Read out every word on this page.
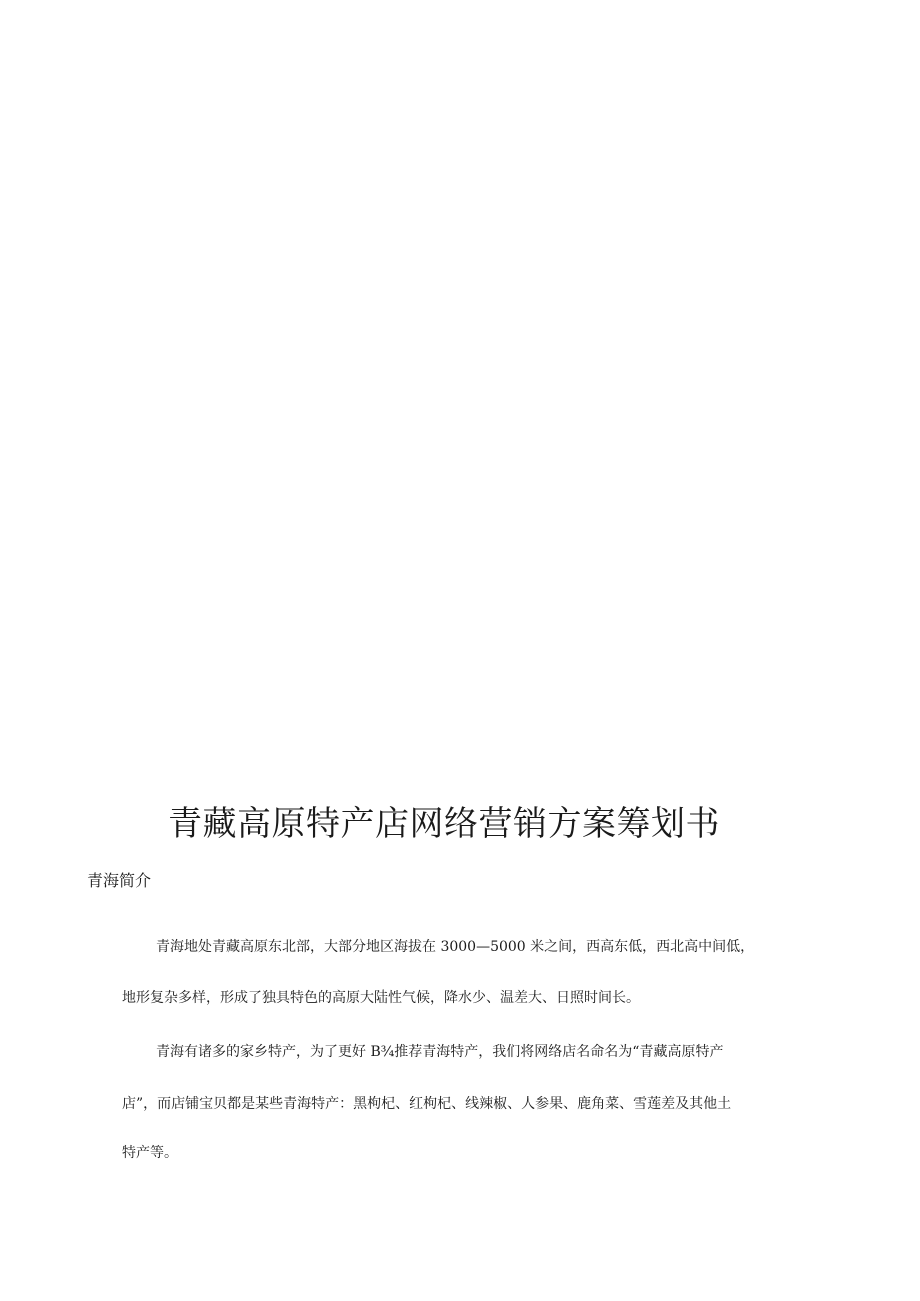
青藏高原特产店网络营销方案筹划书
青海简介

青海地处青藏高原东北部，大部分地区海拔在 3000—5000 米之间，西高东低，西北高中间低，

地形复杂多样，形成了独具特色的高原大陆性气候，降水少、温差大、日照时间长。

青海有诸多的家乡特产，为了更好 B¾推荐青海特产，我们将网络店名命名为“青藏高原特产

店”，而店铺宝贝都是某些青海特产：黑枸杞、红枸杞、线辣椒、人参果、鹿角菜、雪莲差及其他土

特产等。
